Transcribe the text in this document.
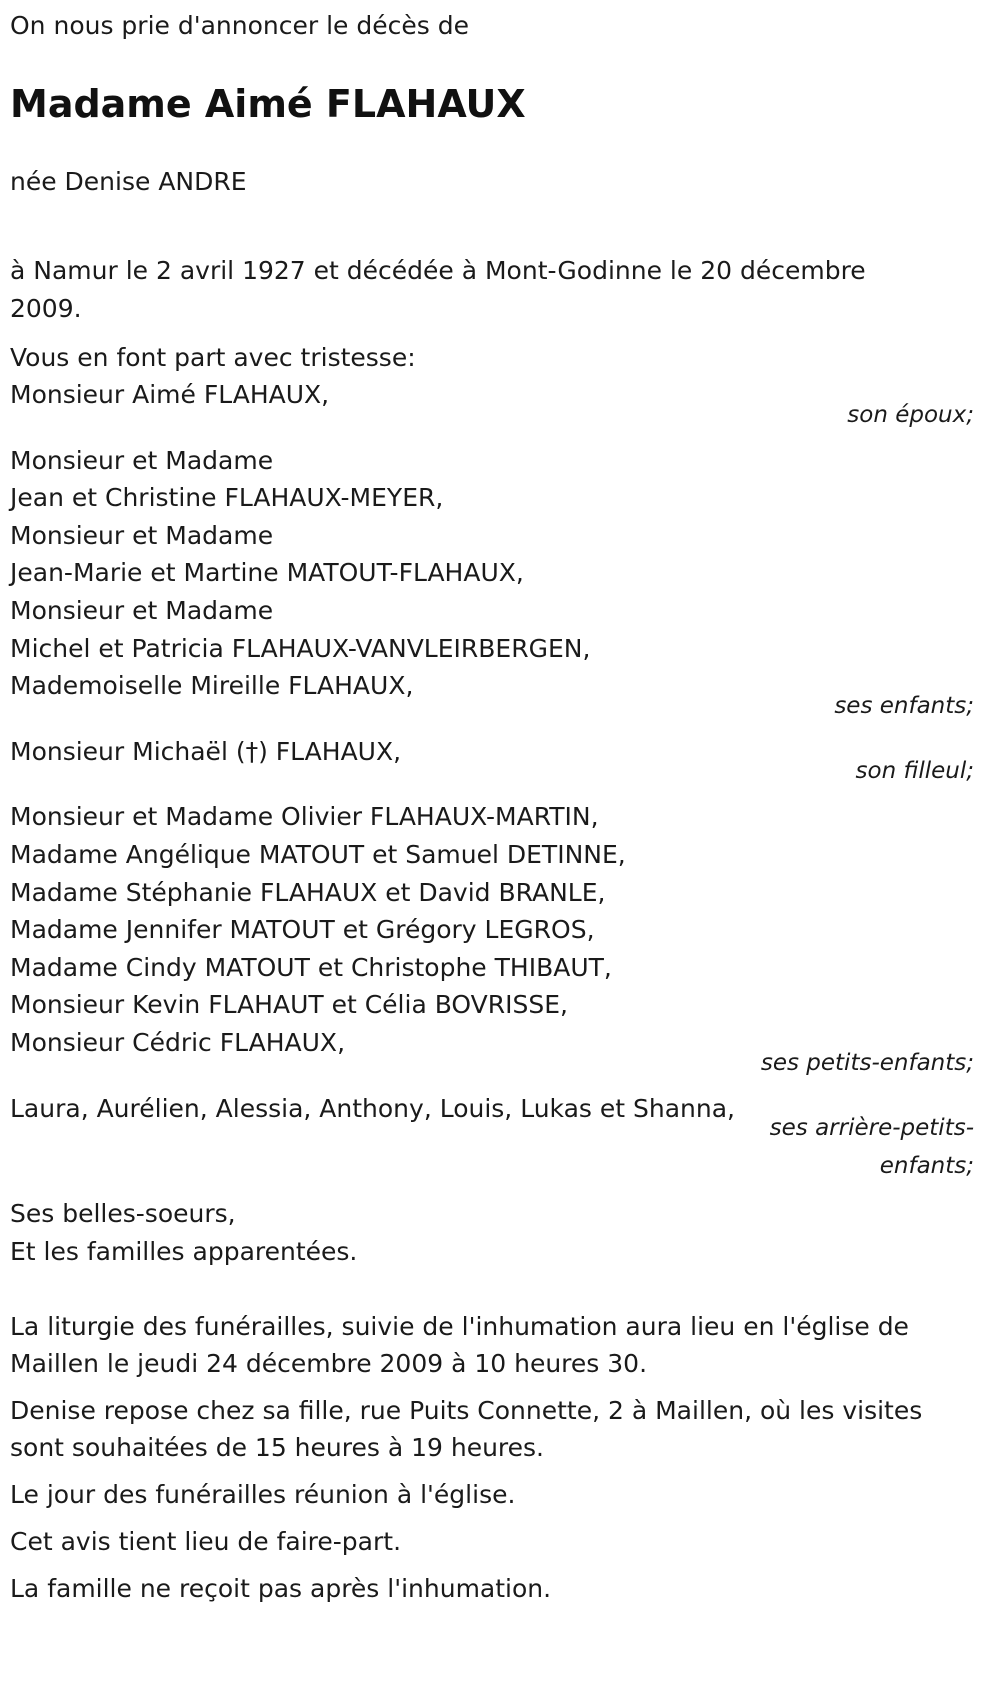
On nous prie d'annoncer le décès de

Madame Aimé FLAHAUX

née Denise ANDRE

à Namur le 2 avril 1927 et décédée à Mont-Godinne le 20 décembre 2009.

Vous en font part avec tristesse:

Monsieur Aimé FLAHAUX,
son époux;
Monsieur et Madame
Jean et Christine FLAHAUX-MEYER,
Monsieur et Madame
Jean-Marie et Martine MATOUT-FLAHAUX,
Monsieur et Madame
Michel et Patricia FLAHAUX-VANVLEIRBERGEN,
Mademoiselle Mireille FLAHAUX,
ses enfants;
Monsieur Michaël (†) FLAHAUX,
son filleul;
Monsieur et Madame Olivier FLAHAUX-MARTIN,
Madame Angélique MATOUT et Samuel DETINNE,
Madame Stéphanie FLAHAUX et David BRANLE,
Madame Jennifer MATOUT et Grégory LEGROS,
Madame Cindy MATOUT et Christophe THIBAUT,
Monsieur Kevin FLAHAUT et Célia BOVRISSE,
Monsieur Cédric FLAHAUX,
ses petits-enfants;
Laura, Aurélien, Alessia, Anthony, Louis, Lukas et Shanna,
ses arrière-petits-enfants;
Ses belles-soeurs,
Et les familles apparentées.

La liturgie des funérailles, suivie de l'inhumation aura lieu en l'église de Maillen le jeudi 24 décembre 2009 à 10 heures 30.

Denise repose chez sa fille, rue Puits Connette, 2 à Maillen, où les visites sont souhaitées de 15 heures à 19 heures.

Le jour des funérailles réunion à l'église.

Cet avis tient lieu de faire-part.

La famille ne reçoit pas après l'inhumation.
